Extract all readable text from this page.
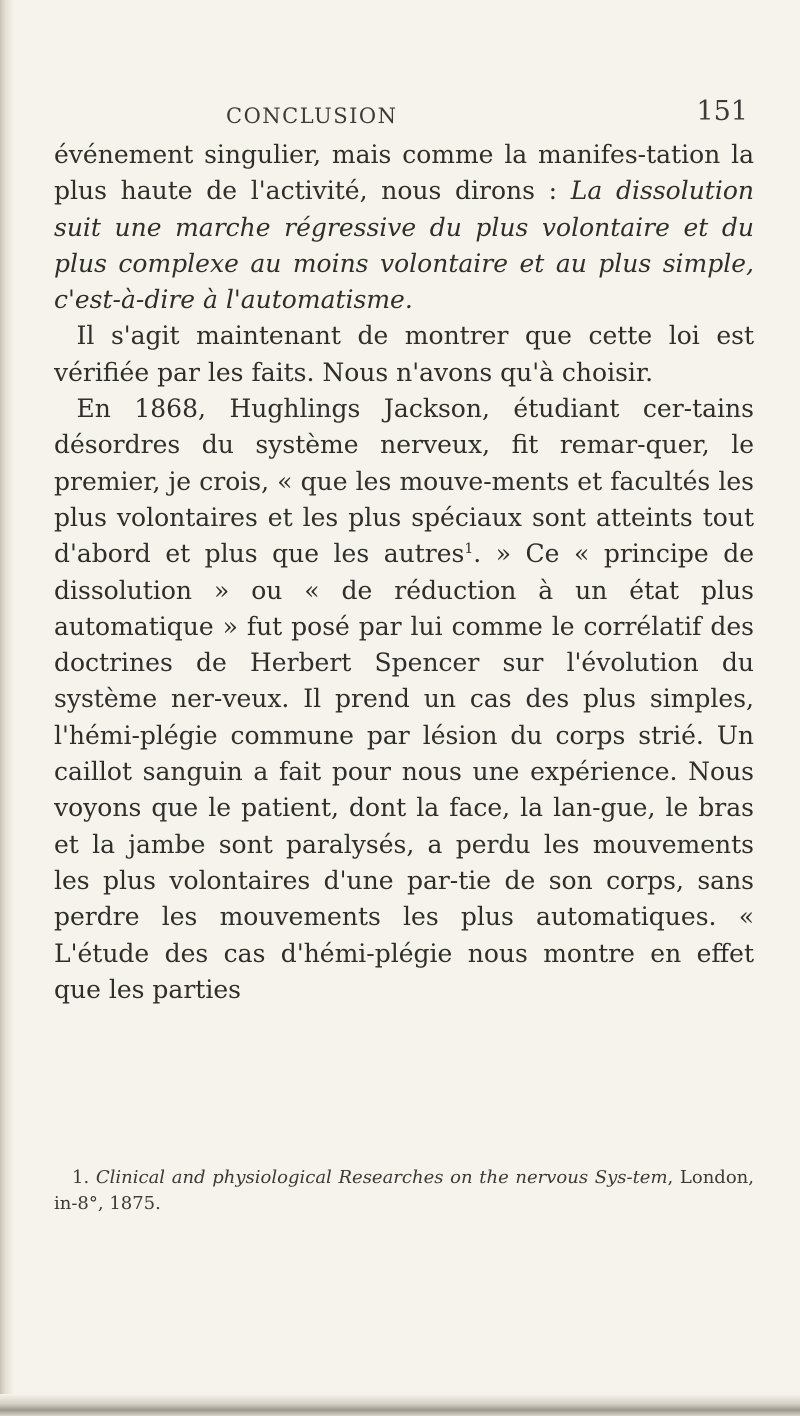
CONCLUSION	151

événement singulier, mais comme la manifes-tation la plus haute de l'activité, nous dirons : La dissolution suit une marche régressive du plus volontaire et du plus complexe au moins volontaire et au plus simple, c'est-à-dire à l'automatisme.

Il s'agit maintenant de montrer que cette loi est vérifiée par les faits. Nous n'avons qu'à choisir.

En 1868, Hughlings Jackson, étudiant cer-tains désordres du système nerveux, fit remar-quer, le premier, je crois, « que les mouve-ments et facultés les plus volontaires et les plus spéciaux sont atteints tout d'abord et plus que les autres$^1$. » Ce « principe de dissolution » ou « de réduction à un état plus automatique » fut posé par lui comme le corrélatif des doctrines de Herbert Spencer sur l'évolution du système ner-veux. Il prend un cas des plus simples, l'hémi-plégie commune par lésion du corps strié. Un caillot sanguin a fait pour nous une expérience. Nous voyons que le patient, dont la face, la lan-gue, le bras et la jambe sont paralysés, a perdu les mouvements les plus volontaires d'une par-tie de son corps, sans perdre les mouvements les plus automatiques. « L'étude des cas d'hémi-plégie nous montre en effet que les parties

1. Clinical and physiological Researches on the nervous Sys-tem, London, in-8°, 1875.
